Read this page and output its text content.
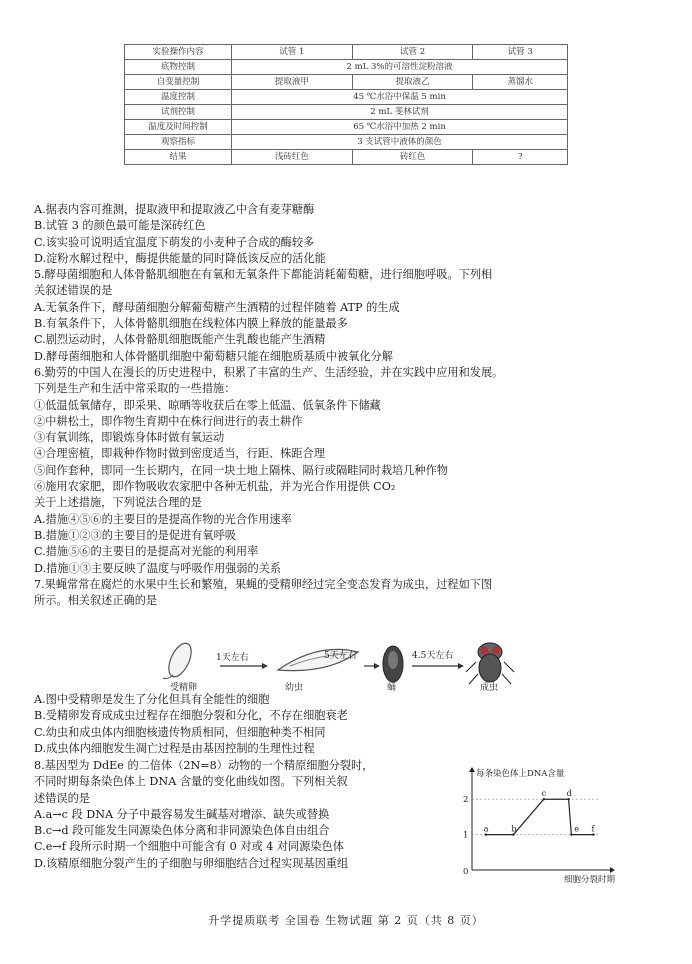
实验操作内容	试管 1	试管 2	试管 3
底物控制	2 mL 3%的可溶性淀粉溶液		
自变量控制	提取液甲	提取液乙	蒸馏水
温度控制	45 ℃水浴中保温 5 min		
试剂控制	2 mL 斐林试剂		
温度及时间控制	65 ℃水浴中加热 2 min		
观察指标	3 支试管中液体的颜色		
结果	浅砖红色	砖红色	?
A.据表内容可推测，提取液甲和提取液乙中含有麦芽糖酶
B.试管 3 的颜色最可能是深砖红色
C.该实验可说明适宜温度下萌发的小麦种子合成的酶较多
D.淀粉水解过程中，酶提供能量的同时降低该反应的活化能
5.酵母菌细胞和人体骨骼肌细胞在有氧和无氧条件下都能消耗葡萄糖，进行细胞呼吸。下列相
关叙述错误的是
A.无氧条件下，酵母菌细胞分解葡萄糖产生酒精的过程伴随着 ATP 的生成
B.有氧条件下，人体骨骼肌细胞在线粒体内膜上释放的能量最多
C.剧烈运动时，人体骨骼肌细胞既能产生乳酸也能产生酒精
D.酵母菌细胞和人体骨骼肌细胞中葡萄糖只能在细胞质基质中被氧化分解
6.勤劳的中国人在漫长的历史进程中，积累了丰富的生产、生活经验，并在实践中应用和发展。
下列是生产和生活中常采取的一些措施：
①低温低氧储存，即采果、晾晒等收获后在零上低温、低氧条件下储藏
②中耕松土，即作物生育期中在株行间进行的表土耕作
③有氧训练，即锻炼身体时做有氧运动
④合理密植，即栽种作物时做到密度适当，行距、株距合理
⑤间作套种，即同一生长期内，在同一块土地上隔株、隔行或隔畦同时栽培几种作物
⑥施用农家肥，即作物吸收农家肥中各种无机盐，并为光合作用提供 CO₂
关于上述措施，下列说法合理的是
A.措施④⑤⑥的主要目的是提高作物的光合作用速率
B.措施①②③的主要目的是促进有氧呼吸
C.措施⑤⑥的主要目的是提高对光能的利用率
D.措施①③主要反映了温度与呼吸作用强弱的关系
7.果蝇常常在腐烂的水果中生长和繁殖，果蝇的受精卵经过完全变态发育为成虫，过程如下图
所示。相关叙述正确的是
1天左右	5天左右	4.5天左右
受精卵	幼虫	蛹	成虫
A.图中受精卵是发生了分化但具有全能性的细胞
B.受精卵发育成成虫过程存在细胞分裂和分化，不存在细胞衰老
C.幼虫和成虫体内细胞核遗传物质相同，但细胞种类不相同
D.成虫体内细胞发生凋亡过程是由基因控制的生理性过程
8.基因型为 DdEe 的二倍体（2N=8）动物的一个精原细胞分裂时，
不同时期每条染色体上 DNA 含量的变化曲线如图。下列相关叙
述错误的是
A.a→c 段 DNA 分子中最容易发生碱基对增添、缺失或替换
B.c→d 段可能发生同源染色体分离和非同源染色体自由组合
C.e→f 段所示时期一个细胞中可能含有 0 对或 4 对同源染色体
D.该精原细胞分裂产生的子细胞与卵细胞结合过程实现基因重组
每条染色体上DNA含量
细胞分裂时期
0
1
2
a	b
c	d
e f
升学提质联考 全国卷 生物试题 第 2 页（共 8 页）
